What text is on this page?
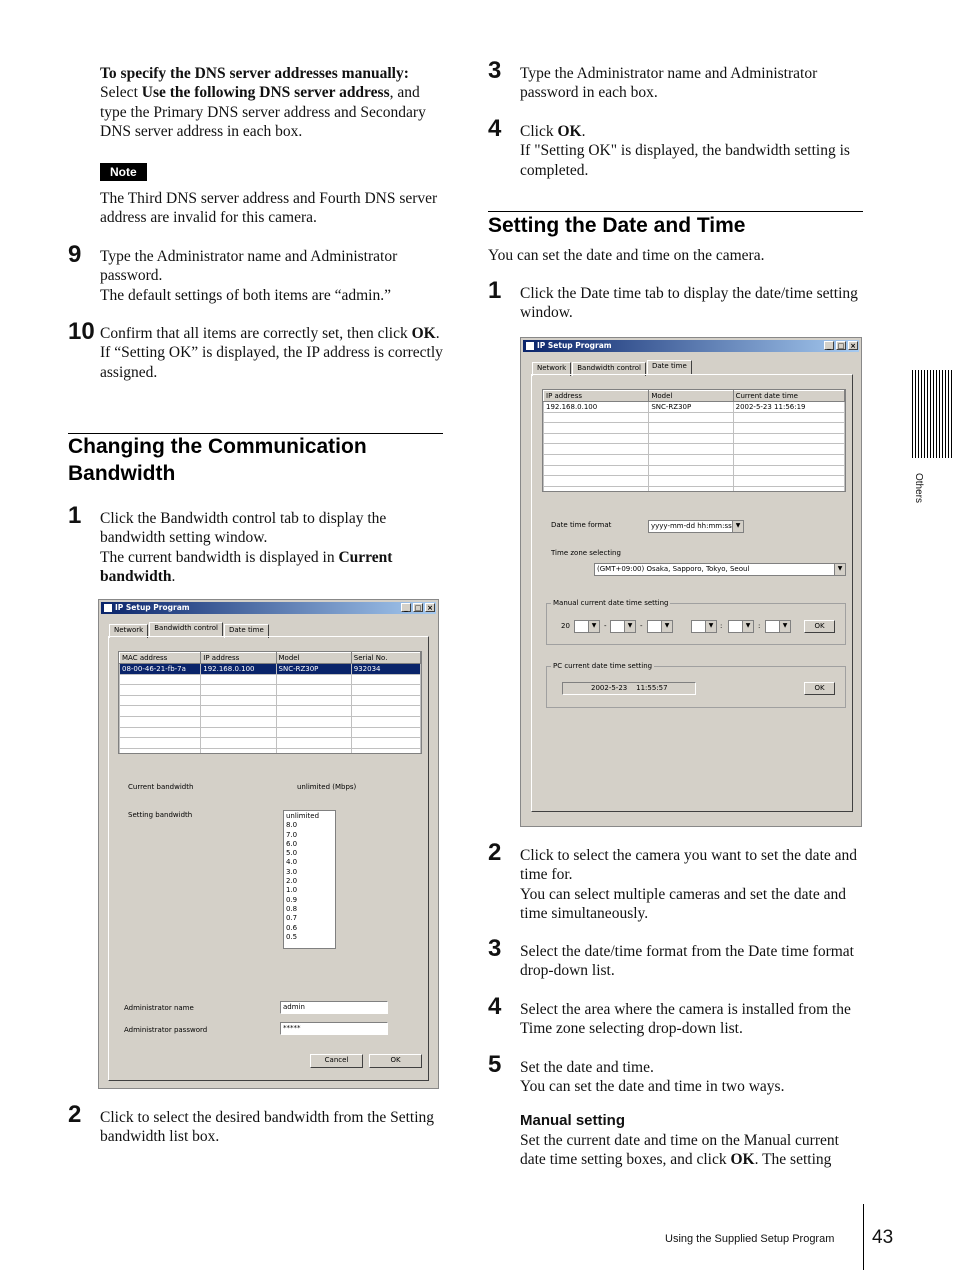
To specify the DNS server addresses manually:

Select Use the following DNS server address, and type the Primary DNS server address and Secondary DNS server address in each box.

Note
The Third DNS server address and Fourth DNS server address are invalid for this camera.
9 Type the Administrator name and Administrator password.

The default settings of both items are “admin.”

10 Confirm that all items are correctly set, then click OK.

If “Setting OK” is displayed, the IP address is correctly assigned.

Changing the Communication
Bandwidth
1 Click the Bandwidth control tab to display the bandwidth setting window.

The current bandwidth is displayed in Current bandwidth.

IP Setup Program	_ □ ×
Network	Bandwidth control	Date time
MAC address	IP address	Model	Serial No.
08-00-46-21-fb-7a	192.168.0.100	SNC-RZ30P	932034

Current bandwidth	unlimited (Mbps)
Setting bandwidth	unlimited
8.0
7.0
6.0
5.0
4.0
3.0
2.0
1.0
0.9
0.8
0.7
0.6
0.5
Administrator name	admin
Administrator password	*****
Cancel	OK
2 Click to select the desired bandwidth from the Setting bandwidth list box.
3 Type the Administrator name and Administrator password in each box.
4 Click OK.

If "Setting OK" is displayed, the bandwidth setting is completed.

Setting the Date and Time
You can set the date and time on the camera.
1 Click the Date time tab to display the date/time setting window.
IP Setup Program	_ □ ×
Network	Bandwidth control	Date time
IP address	Model	Current date time
192.168.0.100	SNC-RZ30P	2002-5-23 11:56:19

Date time format	yyyy-mm-dd hh:mm:ss ▼
Time zone selecting
(GMT+09:00) Osaka, Sapporo, Tokyo, Seoul	▼
Manual current date time setting
20	▼	-	▼	-	▼	▼ :	▼	:	▼	OK
PC current date time setting
2002-5-23 11:55:57	OK
2 Click to select the camera you want to set the date and time for.

You can select multiple cameras and set the date and time simultaneously.

3 Select the date/time format from the Date time format drop-down list.
4 Select the area where the camera is installed from the Time zone selecting drop-down list.
5 Set the date and time.

You can set the date and time in two ways.

Manual setting
Set the current date and time on the Manual current date time setting boxes, and click OK. The setting
Others
Using the Supplied Setup Program 43
